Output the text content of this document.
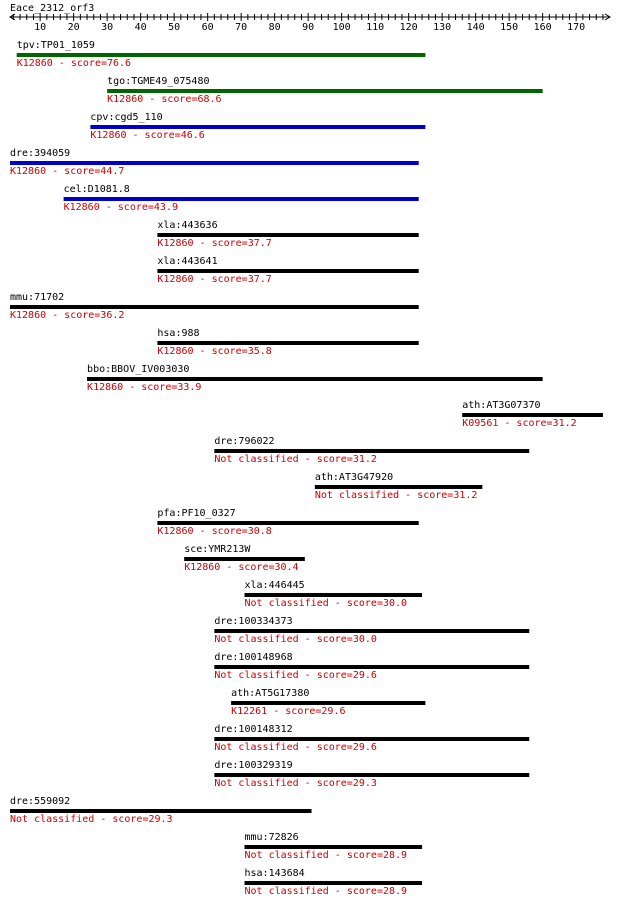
Eace_2312_orf3
10 20 30 40 50 60 70 80 90 100 110 120 130 140 150 160 170
tpv:TP01_1059
K12860 - score=76.6
tgo:TGME49_075480
K12860 - score=68.6
cpv:cgd5_110
K12860 - score=46.6
dre:394059
K12860 - score=44.7
cel:D1081.8
K12860 - score=43.9
xla:443636
K12860 - score=37.7
xla:443641
K12860 - score=37.7
mmu:71702
K12860 - score=36.2
hsa:988
K12860 - score=35.8
bbo:BBOV_IV003030
K12860 - score=33.9
ath:AT3G07370
K09561 - score=31.2
dre:796022
Not classified - score=31.2
ath:AT3G47920
Not classified - score=31.2
pfa:PF10_0327
K12860 - score=30.8
sce:YMR213W
K12860 - score=30.4
xla:446445
Not classified - score=30.0
dre:100334373
Not classified - score=30.0
dre:100148968
Not classified - score=29.6
ath:AT5G17380
K12261 - score=29.6
dre:100148312
Not classified - score=29.6
dre:100329319
Not classified - score=29.3
dre:559092
Not classified - score=29.3
mmu:72826
Not classified - score=28.9
hsa:143684
Not classified - score=28.9
